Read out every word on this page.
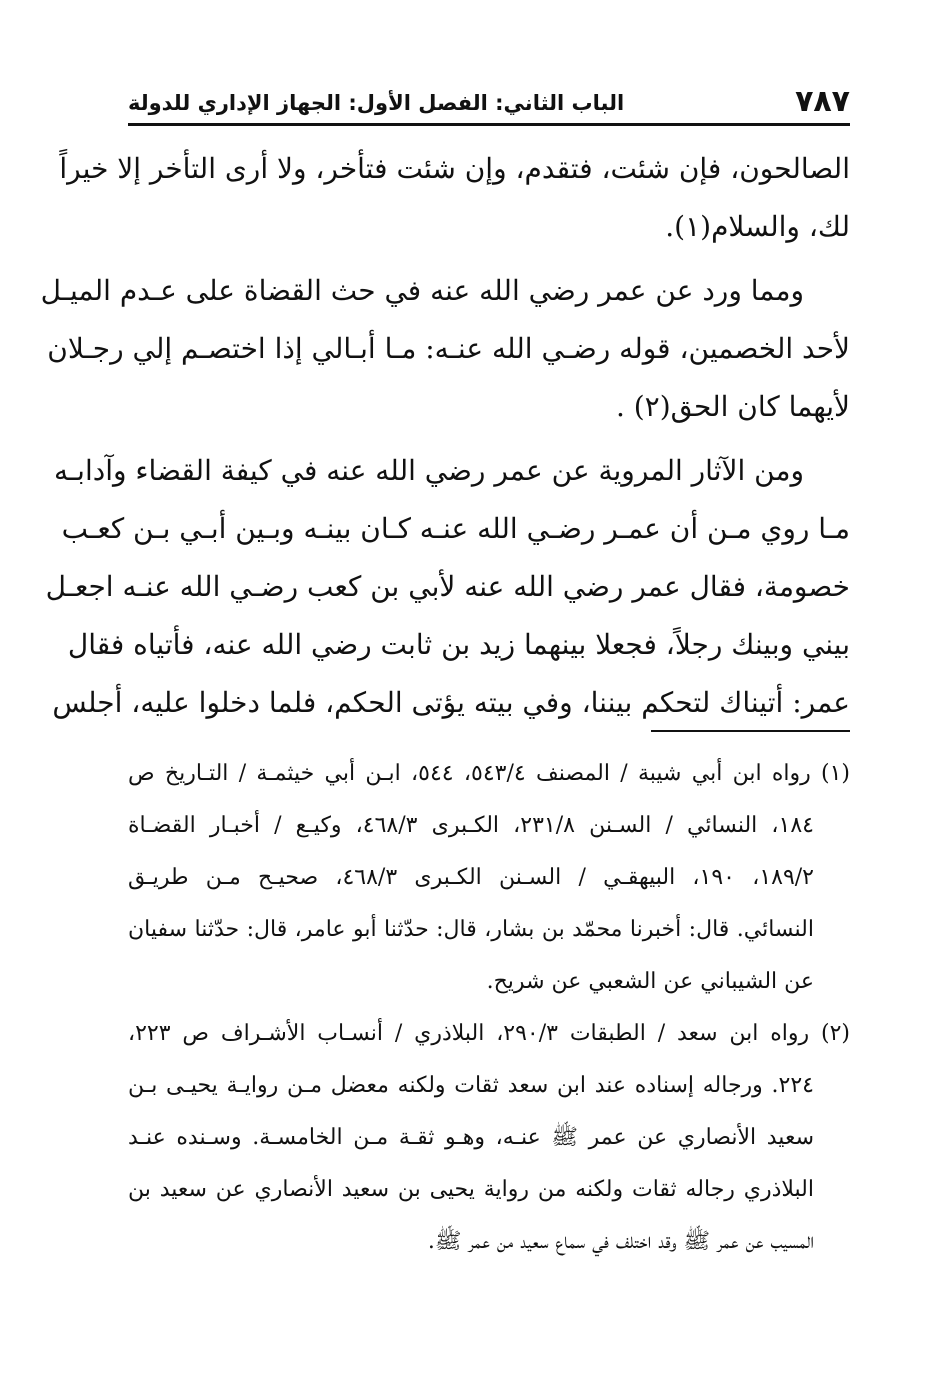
٧٨٧
الباب الثاني: الفصل الأول: الجهاز الإداري للدولة
الصالحون، فإن شئت، فتقدم، وإن شئت فتأخر، ولا أرى التأخر إلا خيراً
لك، والسلام(١).
ومما ورد عن عمر رضي الله عنه في حث القضاة على عـدم الميـل
لأحد الخصمين، قوله رضـي الله عنـه: مـا أبـالي إذا اختصـم إلي رجـلان
لأيهما كان الحق(٢) .
ومن الآثار المروية عن عمر رضي الله عنه في كيفة القضاء وآدابـه
مـا روي مـن أن عمـر رضـي الله عنـه كـان بينـه وبـين أبـي بـن كعـب
خصومة، فقال عمر رضي الله عنه لأبي بن كعب رضـي الله عنـه اجعـل
بيني وبينك رجلاً، فجعلا بينهما زيد بن ثابت رضي الله عنه، فأتياه فقال
عمر: أتيناك لتحكم بيننا، وفي بيته يؤتى الحكم، فلما دخلوا عليه، أجلس
(١) رواه ابن أبي شيبة / المصنف ٥٤٣/٤، ٥٤٤، ابـن أبي خيثمـة / التـاريخ ص
١٨٤، النسائي / السـنن ٢٣١/٨، الكـبرى ٤٦٨/٣، وكيـع / أخبـار القضـاة
١٨٩/٢، ١٩٠، البيهقـي / السـنن الكـبرى ٤٦٨/٣، صحيـح مـن طريـق
النسائي. قال: أخبرنا محمّد بن بشار، قال: حدّثنا أبو عامر، قال: حدّثنا سفيان
عن الشيباني عن الشعبي عن شريح.
(٢) رواه ابن سعد / الطبقات ٢٩٠/٣، البلاذري / أنسـاب الأشـراف ص ٢٢٣،
٢٢٤. ورجاله إسناده عند ابن سعد ثقات ولكنه معضل مـن روايـة يحيـى بـن
سعيد الأنصاري عن عمر ﷺ عنـه، وهـو ثقـة مـن الخامسـة. وسـنده عنـد
البلاذري رجاله ثقات ولكنه من رواية يحيى بن سعيد الأنصاري عن سعيد بن
المسيب عن عمر ﷺ وقد اختلف في سماع سعيد من عمر ﷺ.
